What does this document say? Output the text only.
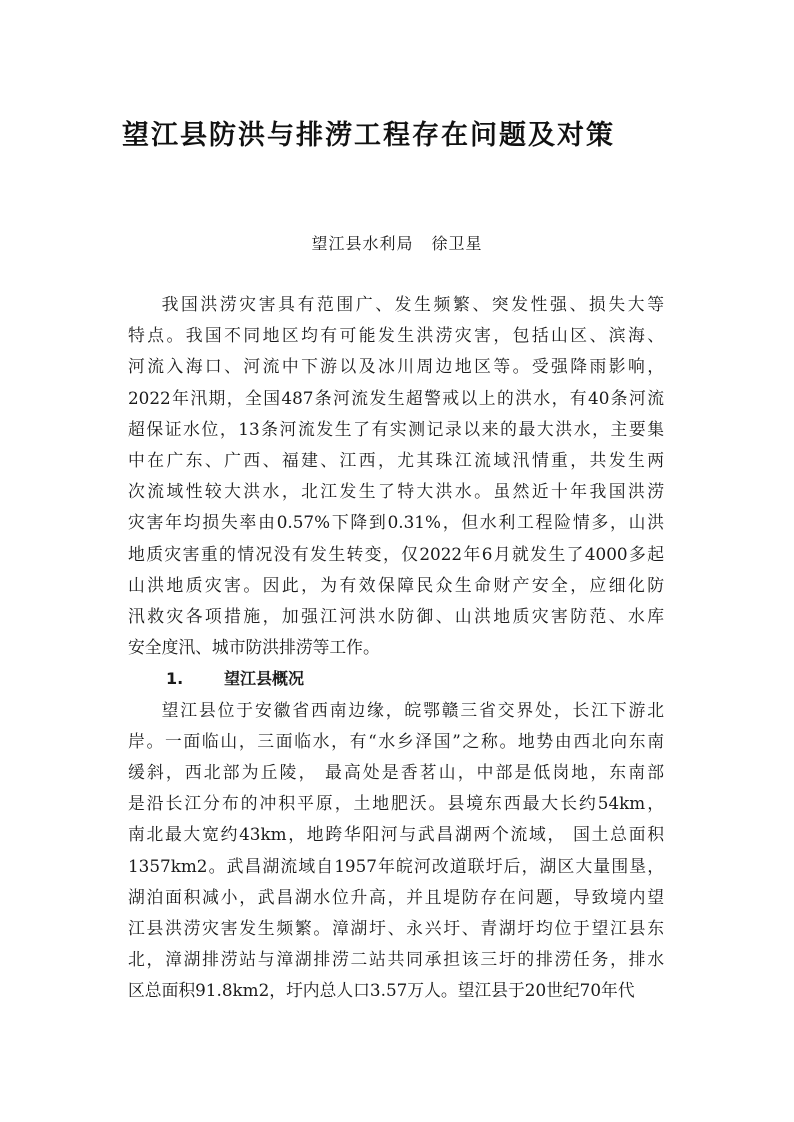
望江县防洪与排涝工程存在问题及对策
望江县水利局 徐卫星

我国洪涝灾害具有范围广、发生频繁、突发性强、损失大等
特点。我国不同地区均有可能发生洪涝灾害，包括山区、滨海、
河流入海口、河流中下游以及冰川周边地区等。受强降雨影响，
2022年汛期，全国487条河流发生超警戒以上的洪水，有40条河流
超保证水位，13条河流发生了有实测记录以来的最大洪水，主要集
中在广东、广西、福建、江西，尤其珠江流域汛情重，共发生两
次流域性较大洪水，北江发生了特大洪水。虽然近十年我国洪涝
灾害年均损失率由0.57%下降到0.31%，但水利工程险情多，山洪
地质灾害重的情况没有发生转变，仅2022年6月就发生了4000多起
山洪地质灾害。因此，为有效保障民众生命财产安全，应细化防
汛救灾各项措施，加强江河洪水防御、山洪地质灾害防范、水库
安全度汛、城市防洪排涝等工作。

1.	望江县概况

望江县位于安徽省西南边缘，皖鄂赣三省交界处，长江下游北
岸。一面临山，三面临水，有“水乡泽国”之称。地势由西北向东南
缓斜，西北部为丘陵， 最高处是香茗山，中部是低岗地，东南部
是沿长江分布的冲积平原，土地肥沃。县境东西最大长约54km，
南北最大宽约43km，地跨华阳河与武昌湖两个流域， 国土总面积
1357km2。武昌湖流域自1957年皖河改道联圩后，湖区大量围垦，
湖泊面积减小，武昌湖水位升高，并且堤防存在问题，导致境内望
江县洪涝灾害发生频繁。漳湖圩、永兴圩、青湖圩均位于望江县东
北，漳湖排涝站与漳湖排涝二站共同承担该三圩的排涝任务，排水
区总面积91.8km2，圩内总人口3.57万人。望江县于20世纪70年代
